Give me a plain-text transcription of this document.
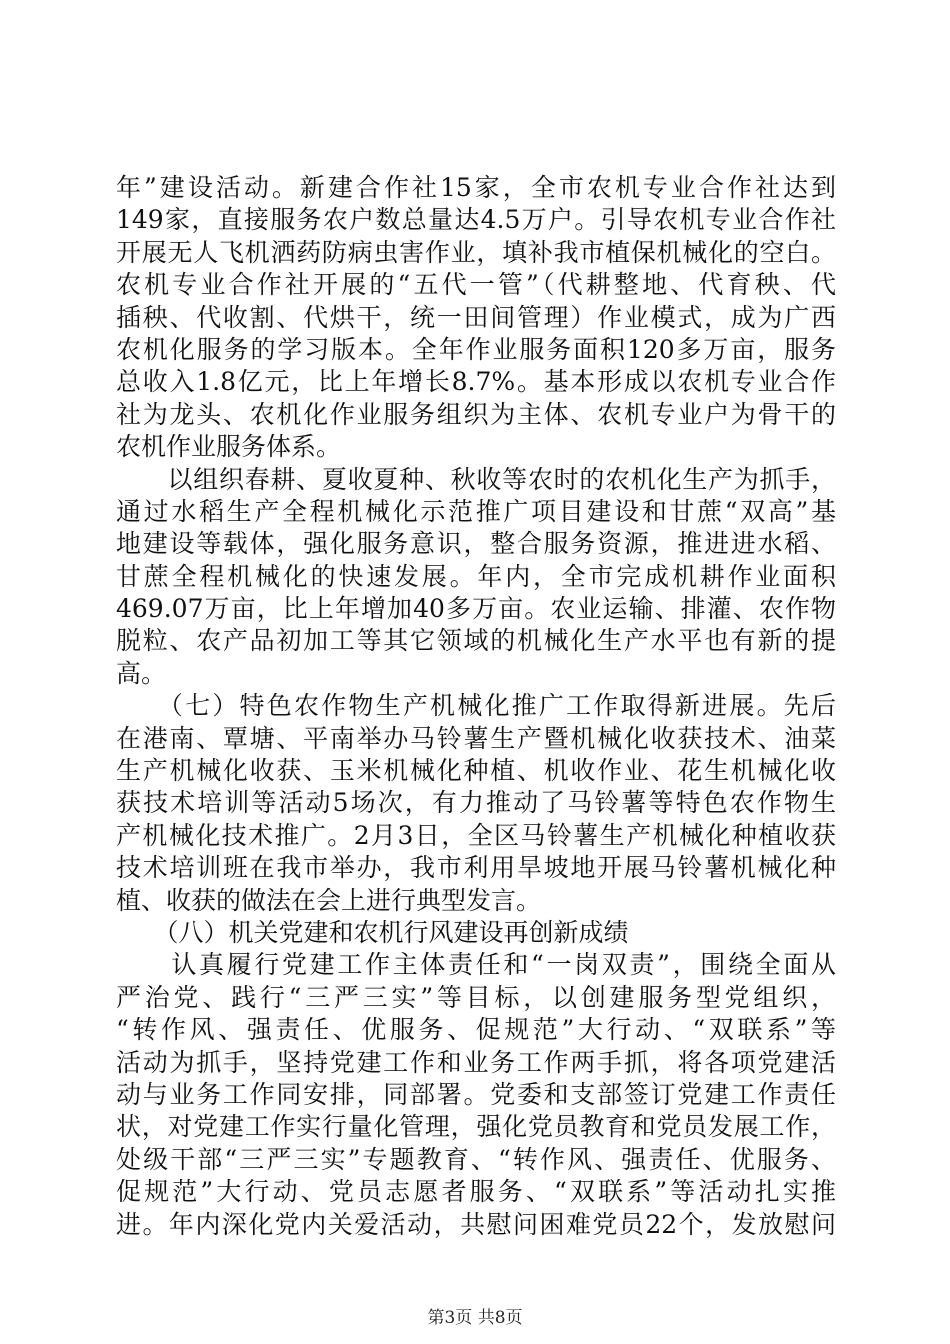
年”建设活动。新建合作社15家，全市农机专业合作社达到
149家，直接服务农户数总量达4.5万户。引导农机专业合作社
开展无人飞机洒药防病虫害作业，填补我市植保机械化的空白。
农机专业合作社开展的“五代一管”（代耕整地、代育秧、代
插秧、代收割、代烘干，统一田间管理）作业模式，成为广西
农机化服务的学习版本。全年作业服务面积120多万亩，服务
总收入1.8亿元，比上年增长8.7%。基本形成以农机专业合作
社为龙头、农机化作业服务组织为主体、农机专业户为骨干的
农机作业服务体系。
　　以组织春耕、夏收夏种、秋收等农时的农机化生产为抓手，
通过水稻生产全程机械化示范推广项目建设和甘蔗“双高”基
地建设等载体，强化服务意识，整合服务资源，推进进水稻、
甘蔗全程机械化的快速发展。年内，全市完成机耕作业面积
469.07万亩，比上年增加40多万亩。农业运输、排灌、农作物
脱粒、农产品初加工等其它领域的机械化生产水平也有新的提
高。
　　（七）特色农作物生产机械化推广工作取得新进展。先后
在港南、覃塘、平南举办马铃薯生产暨机械化收获技术、油菜
生产机械化收获、玉米机械化种植、机收作业、花生机械化收
获技术培训等活动5场次，有力推动了马铃薯等特色农作物生
产机械化技术推广。2月3日，全区马铃薯生产机械化种植收获
技术培训班在我市举办，我市利用旱坡地开展马铃薯机械化种
植、收获的做法在会上进行典型发言。
　　（八）机关党建和农机行风建设再创新成绩
　　认真履行党建工作主体责任和“一岗双责”，围绕全面从
严治党、践行“三严三实”等目标，以创建服务型党组织，
“转作风、强责任、优服务、促规范”大行动、“双联系”等
活动为抓手，坚持党建工作和业务工作两手抓，将各项党建活
动与业务工作同安排，同部署。党委和支部签订党建工作责任
状，对党建工作实行量化管理，强化党员教育和党员发展工作，
处级干部“三严三实”专题教育、“转作风、强责任、优服务、
促规范”大行动、党员志愿者服务、“双联系”等活动扎实推
进。年内深化党内关爱活动，共慰问困难党员22个，发放慰问
第3页 共8页
